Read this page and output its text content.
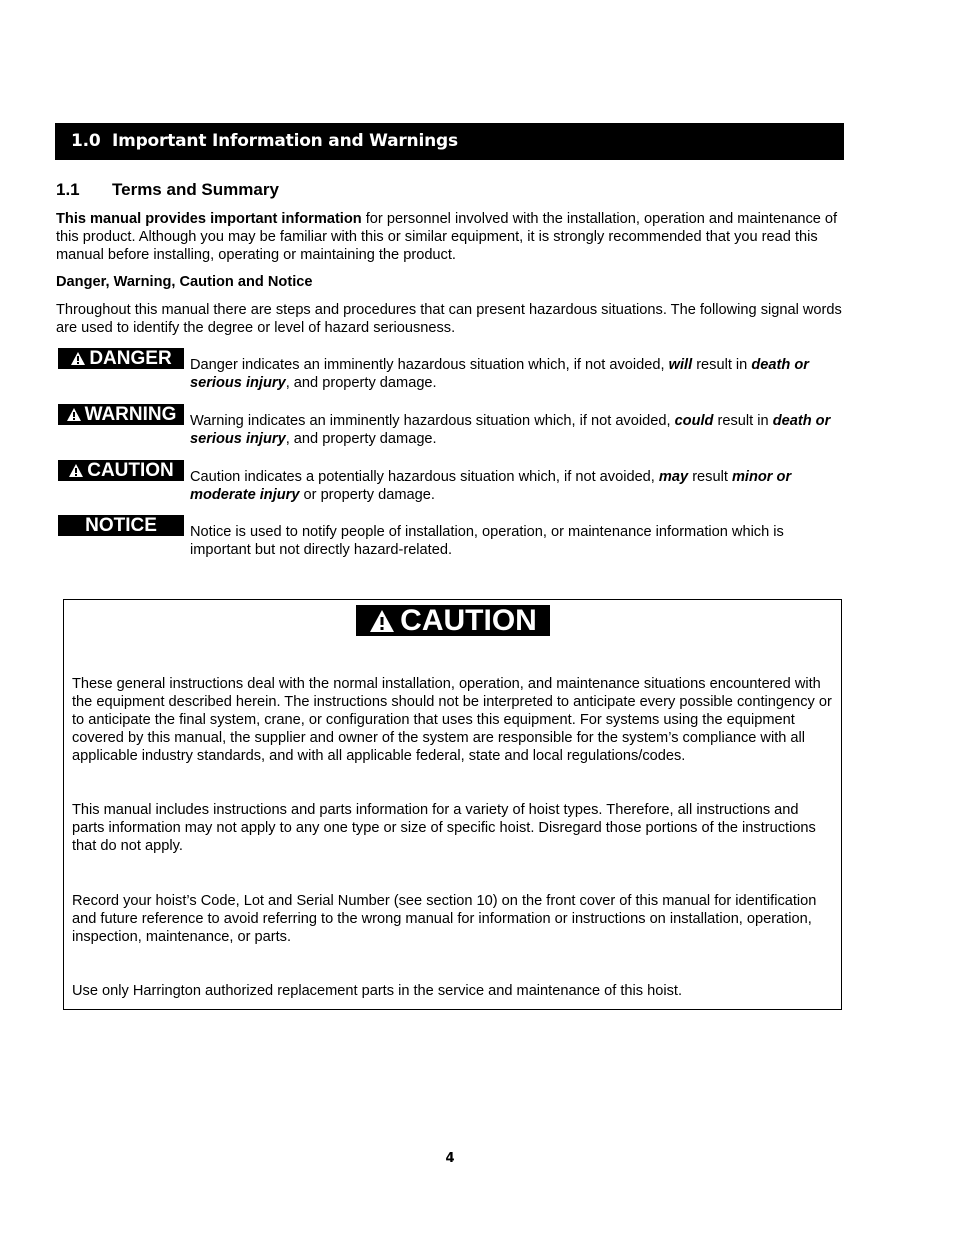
1.0 Important Information and Warnings
1.1 Terms and Summary
This manual provides important information for personnel involved with the installation, operation and maintenance of this product. Although you may be familiar with this or similar equipment, it is strongly recommended that you read this manual before installing, operating or maintaining the product.
Danger, Warning, Caution and Notice
Throughout this manual there are steps and procedures that can present hazardous situations. The following signal words are used to identify the degree or level of hazard seriousness.
DANGER	Danger indicates an imminently hazardous situation which, if not avoided, will result in death or serious injury, and property damage.
WARNING Warning indicates an imminently hazardous situation which, if not avoided, could result in death or serious injury, and property damage.
CAUTION	Caution indicates a potentially hazardous situation which, if not avoided, may result minor or moderate injury or property damage.
NOTICE	Notice is used to notify people of installation, operation, or maintenance information which is important but not directly hazard-related.
CAUTION
These general instructions deal with the normal installation, operation, and maintenance situations encountered with the equipment described herein. The instructions should not be interpreted to anticipate every possible contingency or to anticipate the final system, crane, or configuration that uses this equipment. For systems using the equipment covered by this manual, the supplier and owner of the system are responsible for the system’s compliance with all applicable industry standards, and with all applicable federal, state and local regulations/codes.
This manual includes instructions and parts information for a variety of hoist types. Therefore, all instructions and parts information may not apply to any one type or size of specific hoist. Disregard those portions of the instructions that do not apply.
Record your hoist’s Code, Lot and Serial Number (see section 10) on the front cover of this manual for identification and future reference to avoid referring to the wrong manual for information or instructions on installation, operation, inspection, maintenance, or parts.
Use only Harrington authorized replacement parts in the service and maintenance of this hoist.
4
